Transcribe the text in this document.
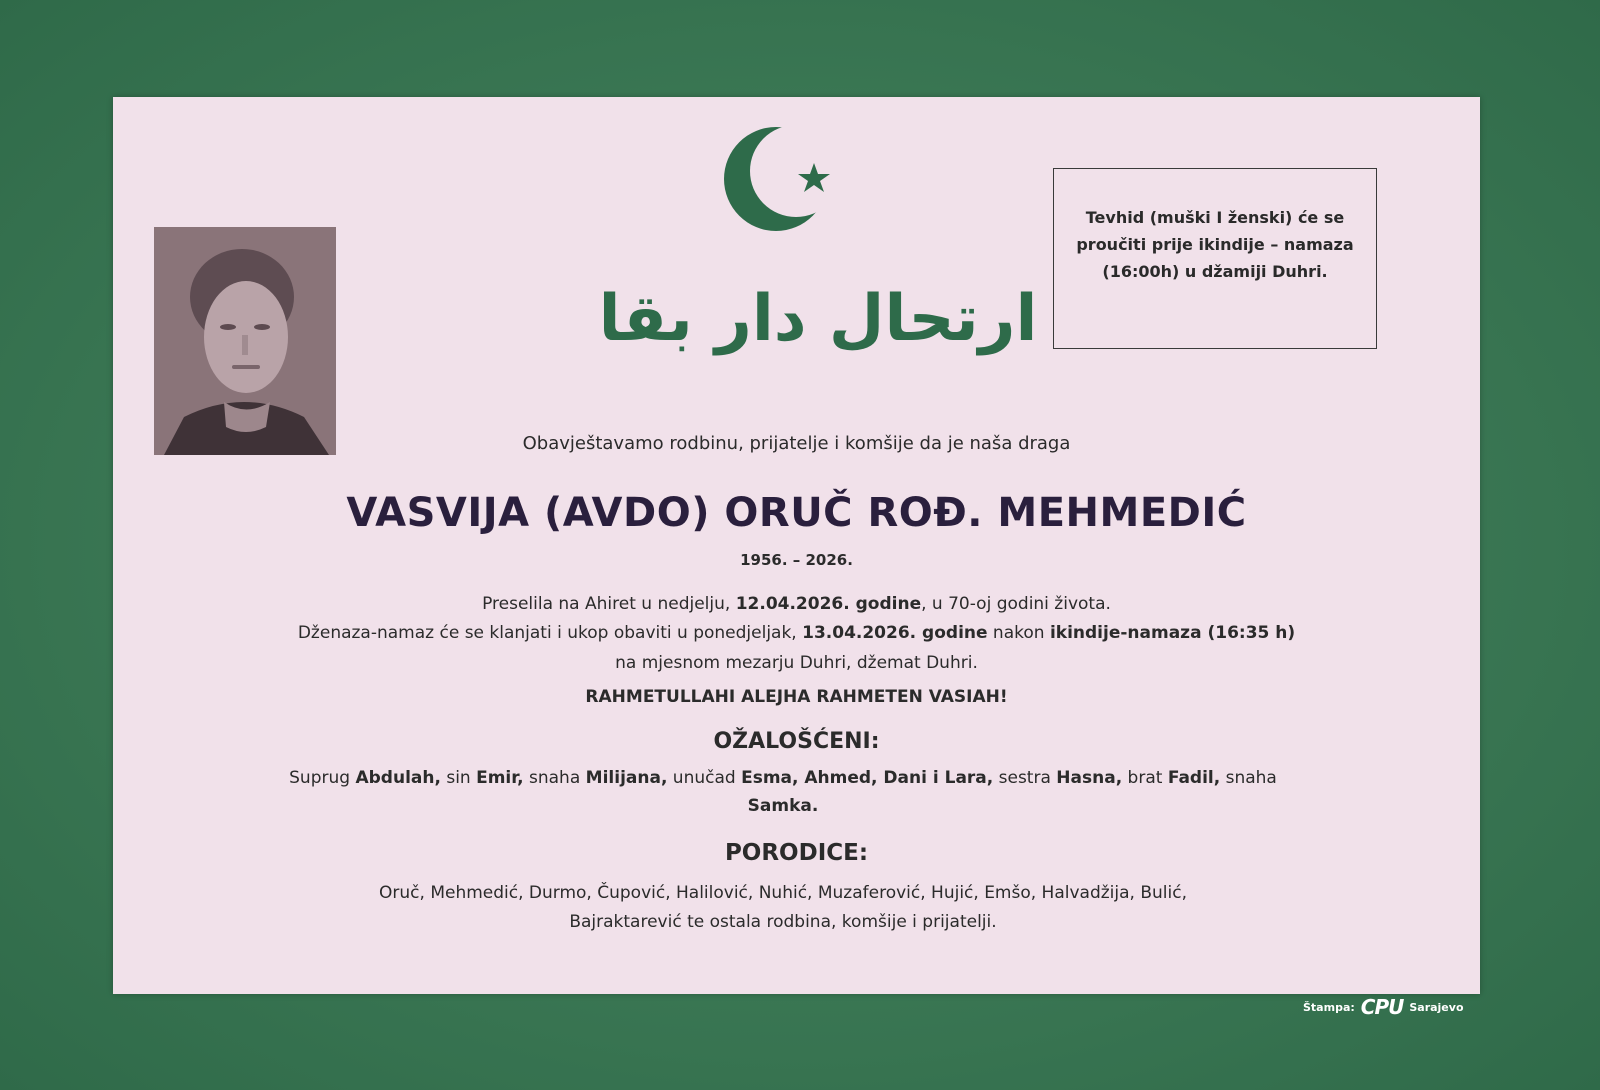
ارتحال دار بقا
Tevhid (muški I ženski) će se proučiti prije ikindije – namaza (16:00h) u džamiji Duhri.
Obavještavamo rodbinu, prijatelje i komšije da je naša draga
VASVIJA (AVDO) ORUČ ROĐ. MEHMEDIĆ
1956. – 2026.
Preselila na Ahiret u nedjelju, 12.04.2026. godine, u 70-oj godini života.
Dženaza-namaz će se klanjati i ukop obaviti u ponedjeljak, 13.04.2026. godine nakon ikindije-namaza (16:35 h)
na mjesnom mezarju Duhri, džemat Duhri.
RAHMETULLAHI ALEJHA RAHMETEN VASIAH!
OŽALOŠĆENI:
Suprug Abdulah, sin Emir, snaha Milijana, unučad Esma, Ahmed, Dani i Lara, sestra Hasna, brat Fadil, snaha Samka.
PORODICE:
Oruč, Mehmedić, Durmo, Čupović, Halilović, Nuhić, Muzaferović, Hujić, Emšo, Halvadžija, Bulić, Bajraktarević te ostala rodbina, komšije i prijatelji.
Štampa: CPU Sarajevo
